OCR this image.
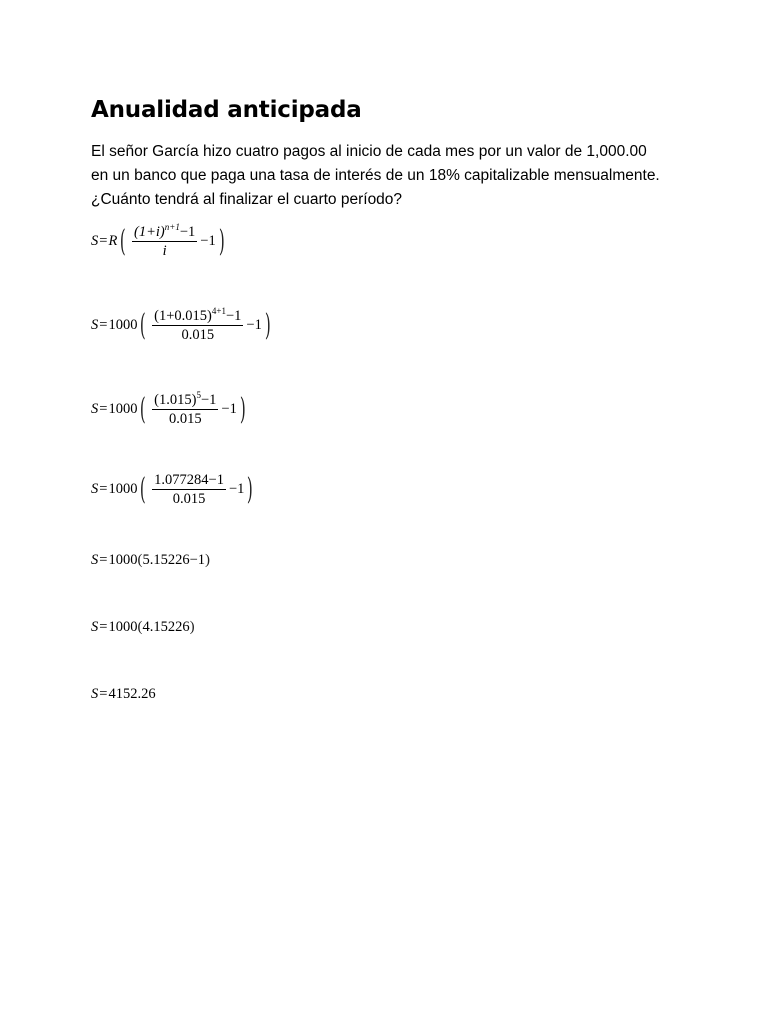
Anualidad anticipada

El señor García hizo cuatro pagos al inicio de cada mes por un valor de 1,000.00
en un banco que paga una tasa de interés de un 18% capitalizable mensualmente.
¿Cuánto tendrá al finalizar el cuarto período?

S = R ( $\frac{(1+i)^{n+1}-1}{i} -1$ )
S = 1000 ( $\frac{(1+0.015)^{4+1}-1}{0.015} -1$ )
S = 1000 ( $\frac{(1.015)^5-1}{0.015} -1$ )
S = 1000 ( $\frac{1.077284-1}{0.015} -1$ )
S = 1000 ( 5.15226−1 )
S = 1000 ( 4.15226 )
S = 4152.26
